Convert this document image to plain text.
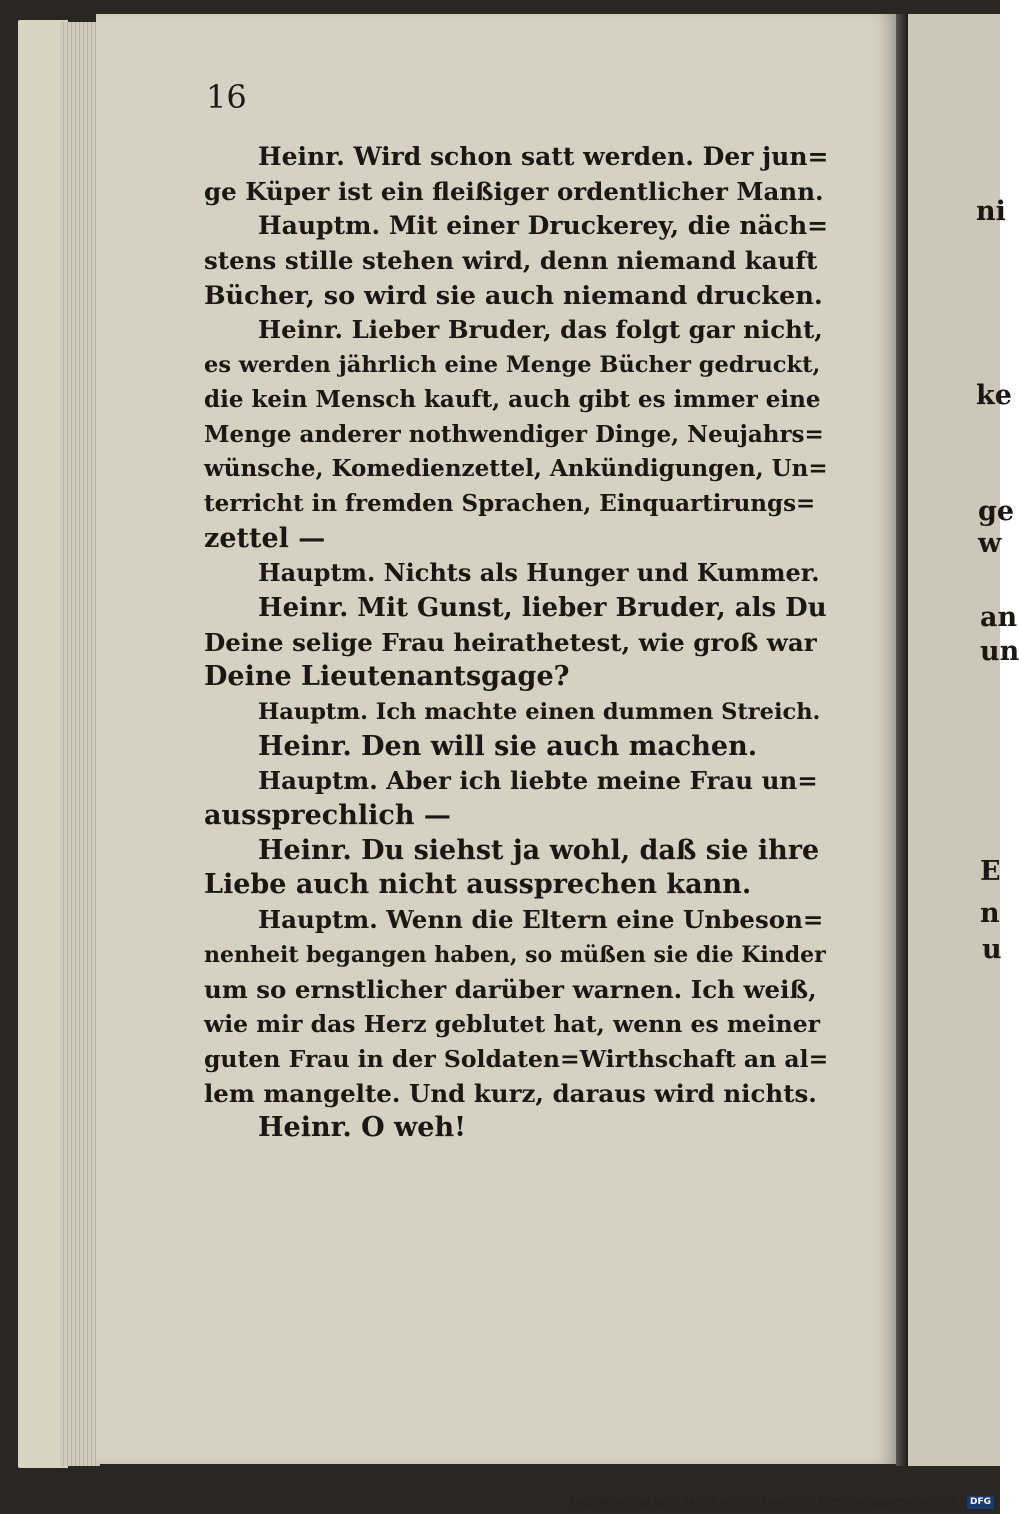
16
Heinr. Wird schon satt werden. Der jun=
ge Küper ist ein fleißiger ordentlicher Mann.
Hauptm. Mit einer Druckerey, die näch=
stens stille stehen wird, denn niemand kauft
Bücher, so wird sie auch niemand drucken.
Heinr. Lieber Bruder, das folgt gar nicht,
es werden jährlich eine Menge Bücher gedruckt,
die kein Mensch kauft, auch gibt es immer eine
Menge anderer nothwendiger Dinge, Neujahrs=
wünsche, Komedienzettel, Ankündigungen, Un=
terricht in fremden Sprachen, Einquartirungs=
zettel —
Hauptm. Nichts als Hunger und Kummer.
Heinr. Mit Gunst, lieber Bruder, als Du
Deine selige Frau heirathetest, wie groß war
Deine Lieutenantsgage?
Hauptm. Ich machte einen dummen Streich.
Heinr. Den will sie auch machen.
Hauptm. Aber ich liebte meine Frau un=
aussprechlich —
Heinr. Du siehst ja wohl, daß sie ihre
Liebe auch nicht aussprechen kann.
Hauptm. Wenn die Eltern eine Unbeson=
nenheit begangen haben, so müßen sie die Kinder
um so ernstlicher darüber warnen. Ich weiß,
wie mir das Herz geblutet hat, wenn es meiner
guten Frau in der Soldaten=Wirthschaft an al=
lem mangelte. Und kurz, daraus wird nichts.
Heinr. O weh!
ni
ke
ge
w
an
un
E
n
u
Digitalisierung gefördert durch die Deutsche Forschungsgemeinschaft · DFG
